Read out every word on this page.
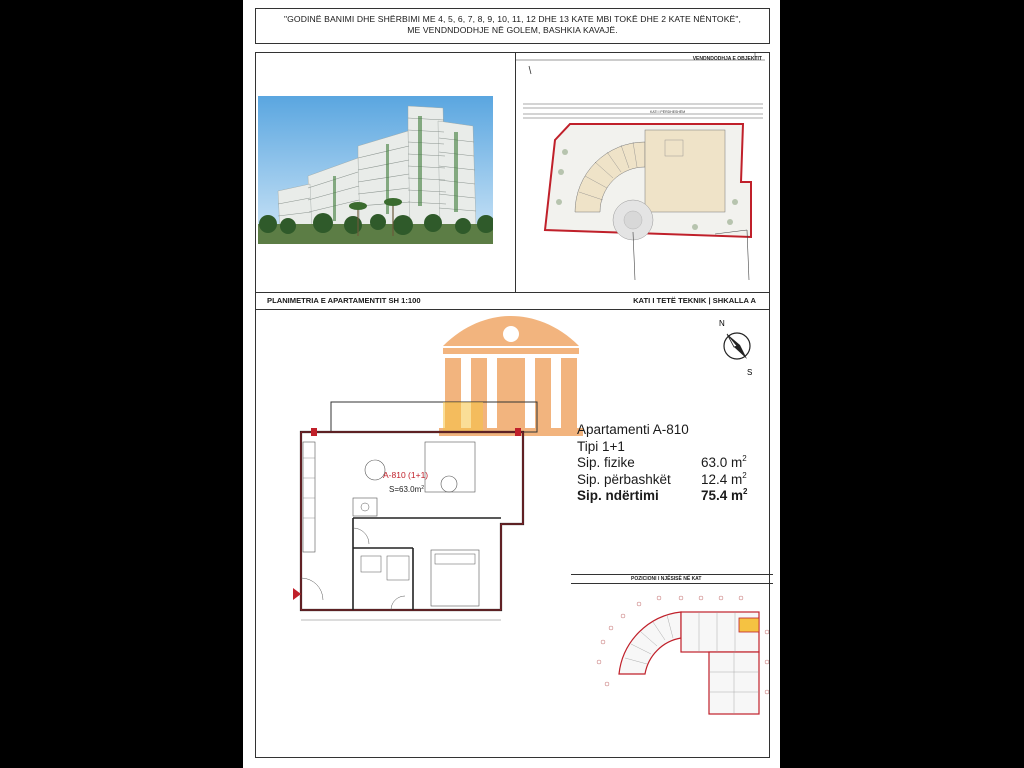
"GODINË BANIMI DHE SHËRBIMI ME 4, 5, 6, 7, 8, 9, 10, 11, 12 DHE 13 KATE MBI TOKË DHE 2 KATE NËNTOKË",
ME VENDNDODHJE NË GOLEM, BASHKIA KAVAJË.
VENDNDODHJA E OBJEKTIT
KATI I PËRDHESHËM
PLANIMETRIA E APARTAMENTIT SH 1:100	KATI I TETË TEKNIK | SHKALLA A
N
S
A-810 (1+1)
$S=63.0m^2$
Apartamenti A-810
Tipi 1+1
Sip. fizike	63.0 $m^2$
Sip. përbashkët 12.4 $m^2$
Sip. ndërtimi	75.4 $m^2$
POZICIONI I NJËSISË NË KAT
